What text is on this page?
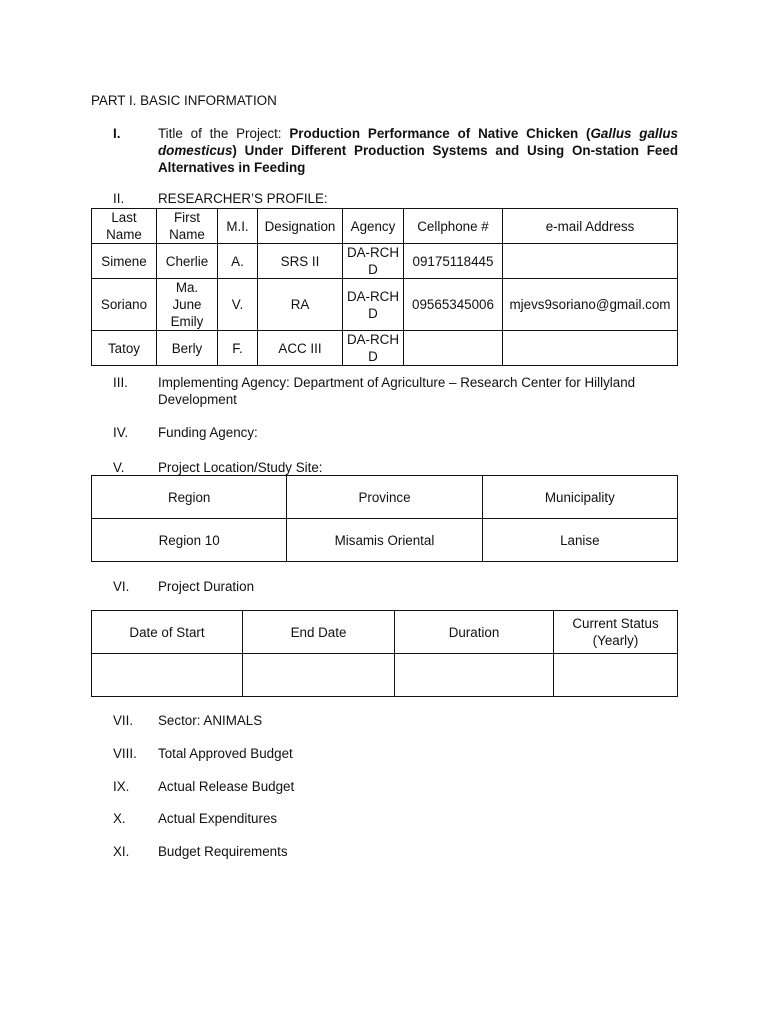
PART I. BASIC INFORMATION
I.	Title of the Project: Production Performance of Native Chicken (Gallus gallus domesticus) Under Different Production Systems and Using On-station Feed Alternatives in Feeding
II.	RESEARCHER’S PROFILE:
Last Name	First Name	M.I.	Designation	Agency	Cellphone #	e-mail Address
Simene	Cherlie	A.	SRS II	DA-RCHD	09175118445	
Soriano	Ma. June Emily	V.	RA	DA-RCHD	09565345006	mjevs9soriano@gmail.com
Tatoy	Berly	F.	ACC III	DA-RCHD		
III. Implementing Agency: Department of Agriculture – Research Center for Hillyland Development
IV. Funding Agency:
V.	Project Location/Study Site:
Region	Province	Municipality
Region 10	Misamis Oriental	Lanise
VI. Project Duration
Date of Start	End Date	Duration	Current Status (Yearly)

VII. Sector: ANIMALS
VIII. Total Approved Budget
IX. Actual Release Budget
X. Actual Expenditures
XI. Budget Requirements
